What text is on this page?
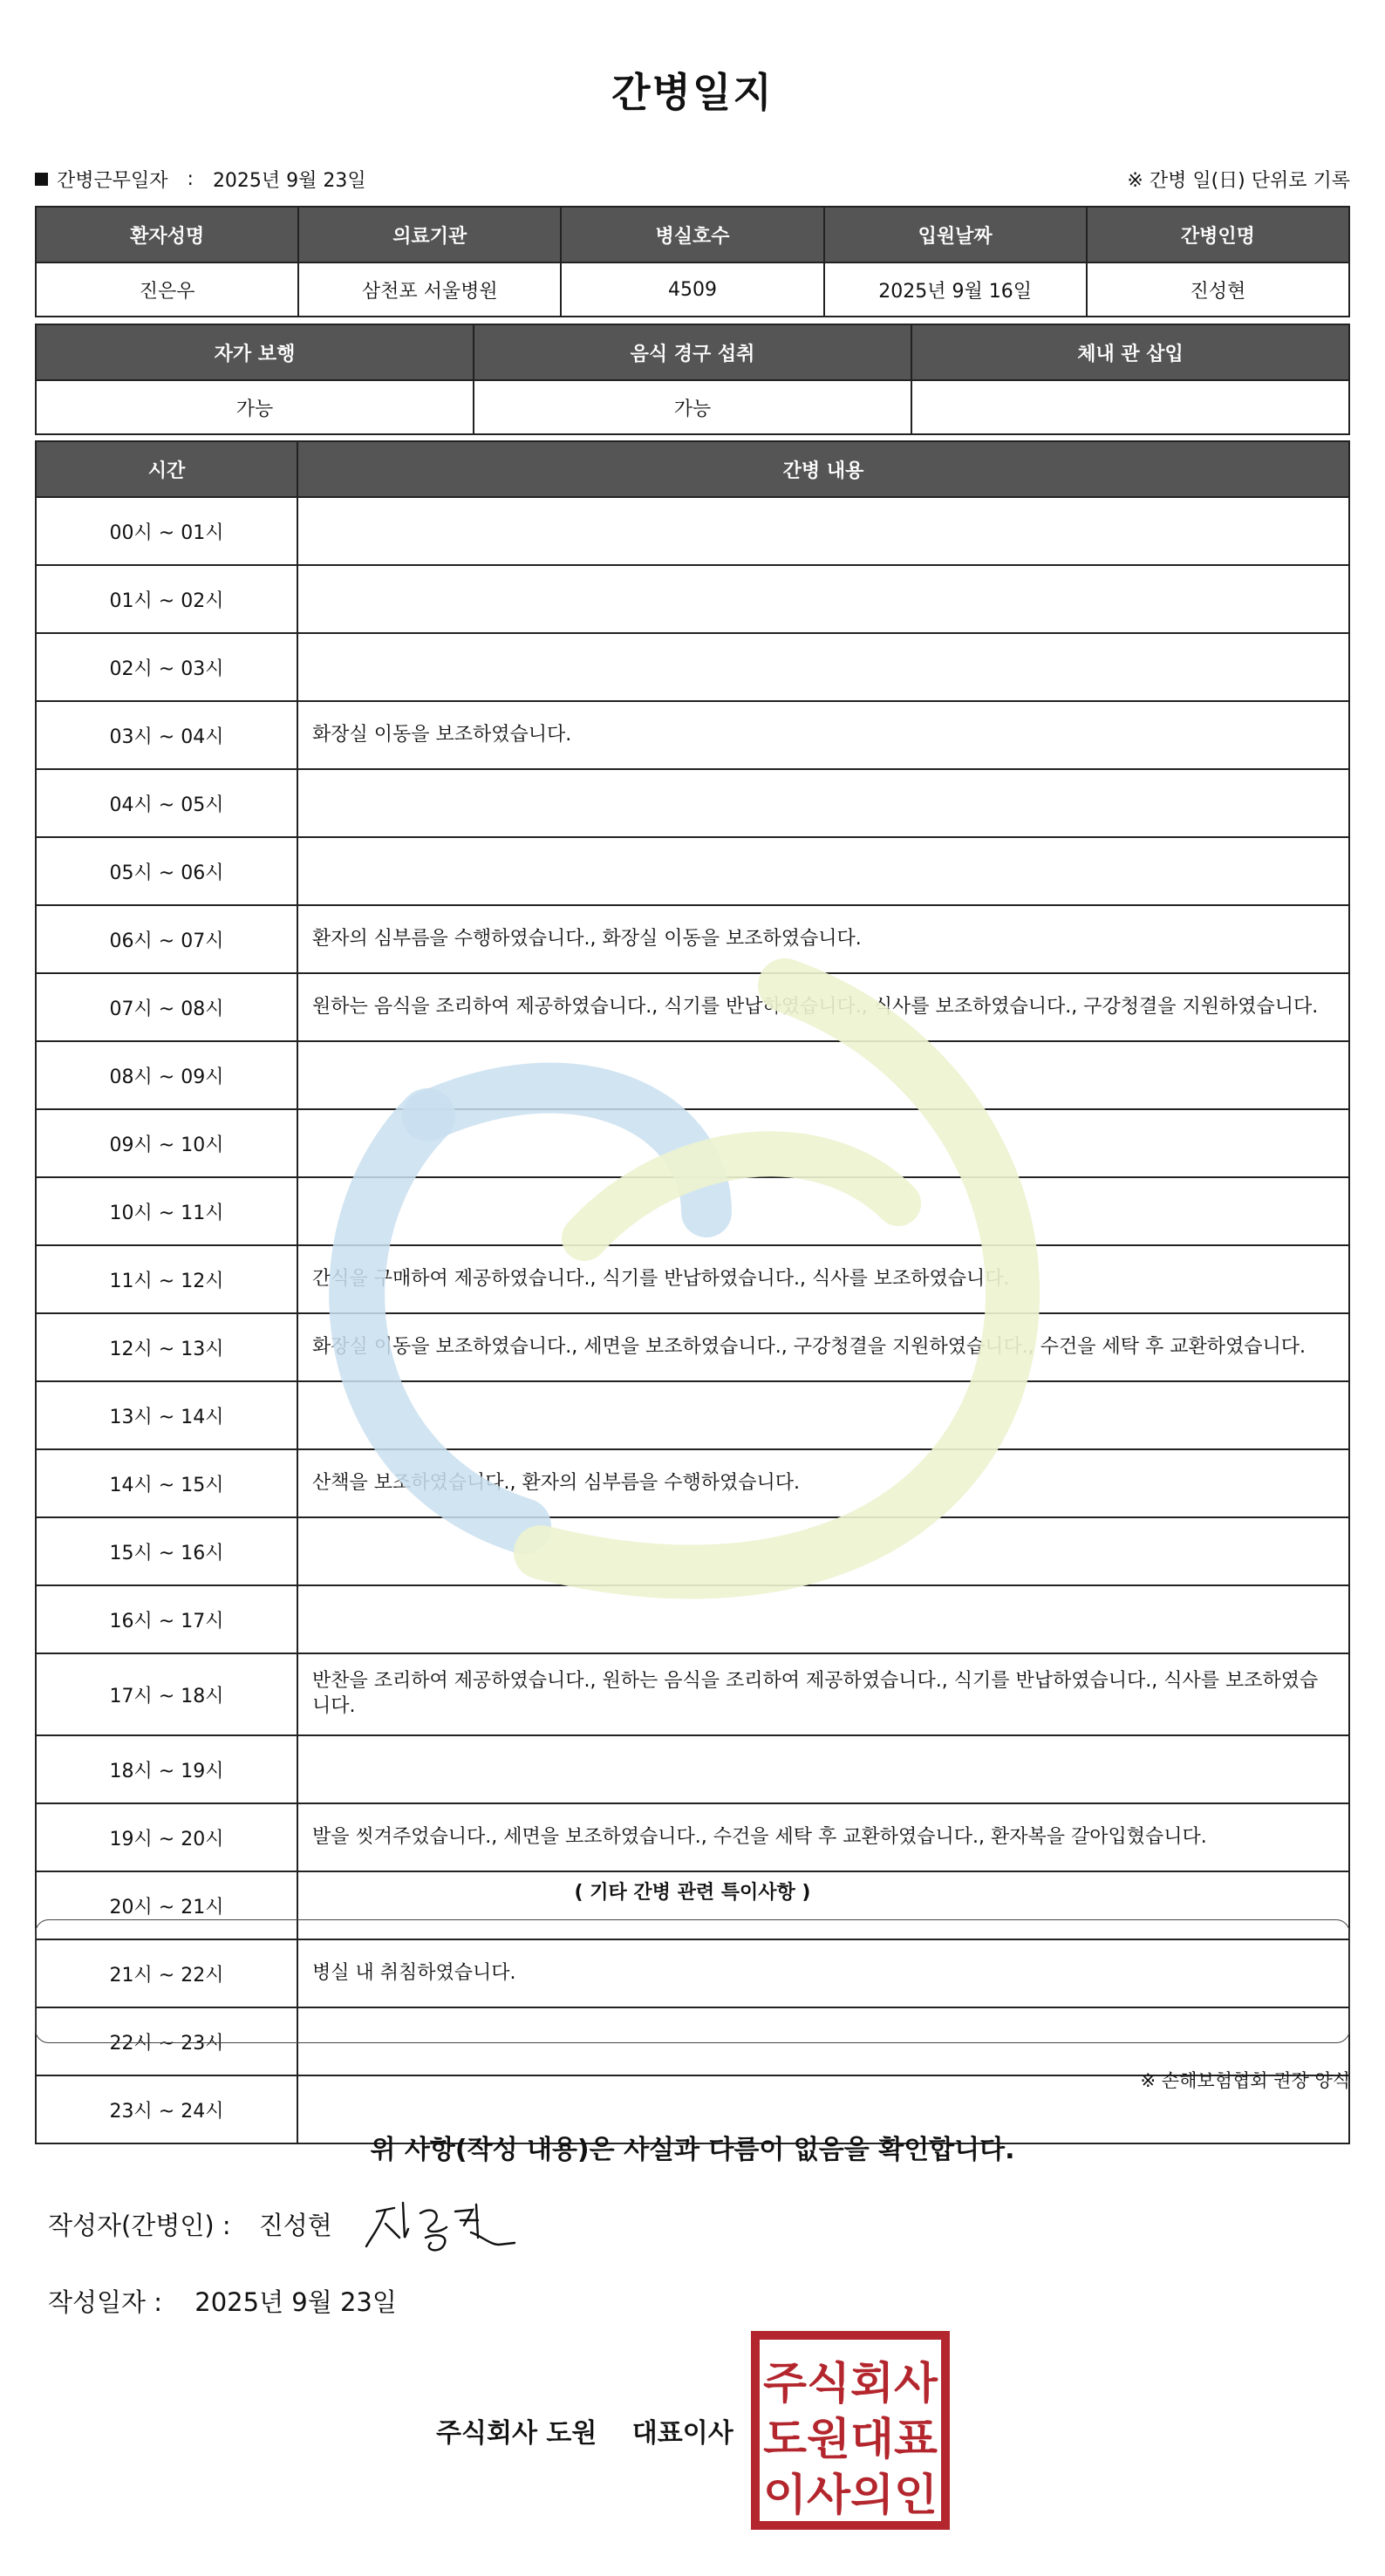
간병일지
간병근무일자 : 2025년 9월 23일	※ 간병 일(日) 단위로 기록
환자성명	의료기관	병실호수	입원날짜	간병인명
진은우	삼천포 서울병원	4509	2025년 9월 16일	진성현
자가 보행	음식 경구 섭취	체내 관 삽입
가능	가능	
시간	간병 내용
00시 ~ 01시	
01시 ~ 02시	
02시 ~ 03시	
03시 ~ 04시	화장실 이동을 보조하였습니다.
04시 ~ 05시	
05시 ~ 06시	
06시 ~ 07시	환자의 심부름을 수행하였습니다., 화장실 이동을 보조하였습니다.
07시 ~ 08시	원하는 음식을 조리하여 제공하였습니다., 식기를 반납하였습니다., 식사를 보조하였습니다., 구강청결을 지원하였습니다.
08시 ~ 09시	
09시 ~ 10시	
10시 ~ 11시	
11시 ~ 12시	간식을 구매하여 제공하였습니다., 식기를 반납하였습니다., 식사를 보조하였습니다.
12시 ~ 13시	화장실 이동을 보조하였습니다., 세면을 보조하였습니다., 구강청결을 지원하였습니다., 수건을 세탁 후 교환하였습니다.
13시 ~ 14시	
14시 ~ 15시	산책을 보조하였습니다., 환자의 심부름을 수행하였습니다.
15시 ~ 16시	
16시 ~ 17시	
17시 ~ 18시	반찬을 조리하여 제공하였습니다., 원하는 음식을 조리하여 제공하였습니다., 식기를 반납하였습니다., 식사를 보조하였습니다.
18시 ~ 19시	
19시 ~ 20시	발을 씻겨주었습니다., 세면을 보조하였습니다., 수건을 세탁 후 교환하였습니다., 환자복을 갈아입혔습니다.
20시 ~ 21시	
21시 ~ 22시	병실 내 취침하였습니다.
22시 ~ 23시	
23시 ~ 24시	
( 기타 간병 관련 특이사항 )
※ 손해보험협회 권장 양식
위 사항(작성 내용)은 사실과 다름이 없음을 확인합니다.
작성자(간병인) : 진성현
작성일자 : 2025년 9월 23일
주식회사 도원 대표이사
주식회사
도원대표
이사의인
